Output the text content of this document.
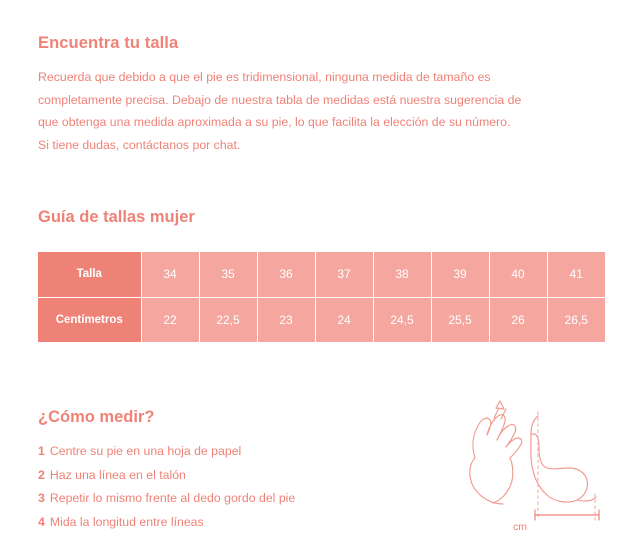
Encuentra tu talla

Recuerda que debido a que el pie es tridimensional, ninguna medida de tamaño es
completamente precisa. Debajo de nuestra tabla de medidas está nuestra sugerencia de
que obtenga una medida aproximada a su pie, lo que facilita la elección de su número.
Si tiene dudas, contáctanos por chat.

Guía de tallas mujer
Talla	34	35	36	37	38	39	40	41
Centímetros	22	22,5	23	24	24,5	25,5	26	26,5
¿Cómo medir?
1 Centre su pie en una hoja de papel
2 Haz una línea en el talón
3 Repetir lo mismo frente al dedo gordo del pie
4 Mida la longitud entre líneas	cm
